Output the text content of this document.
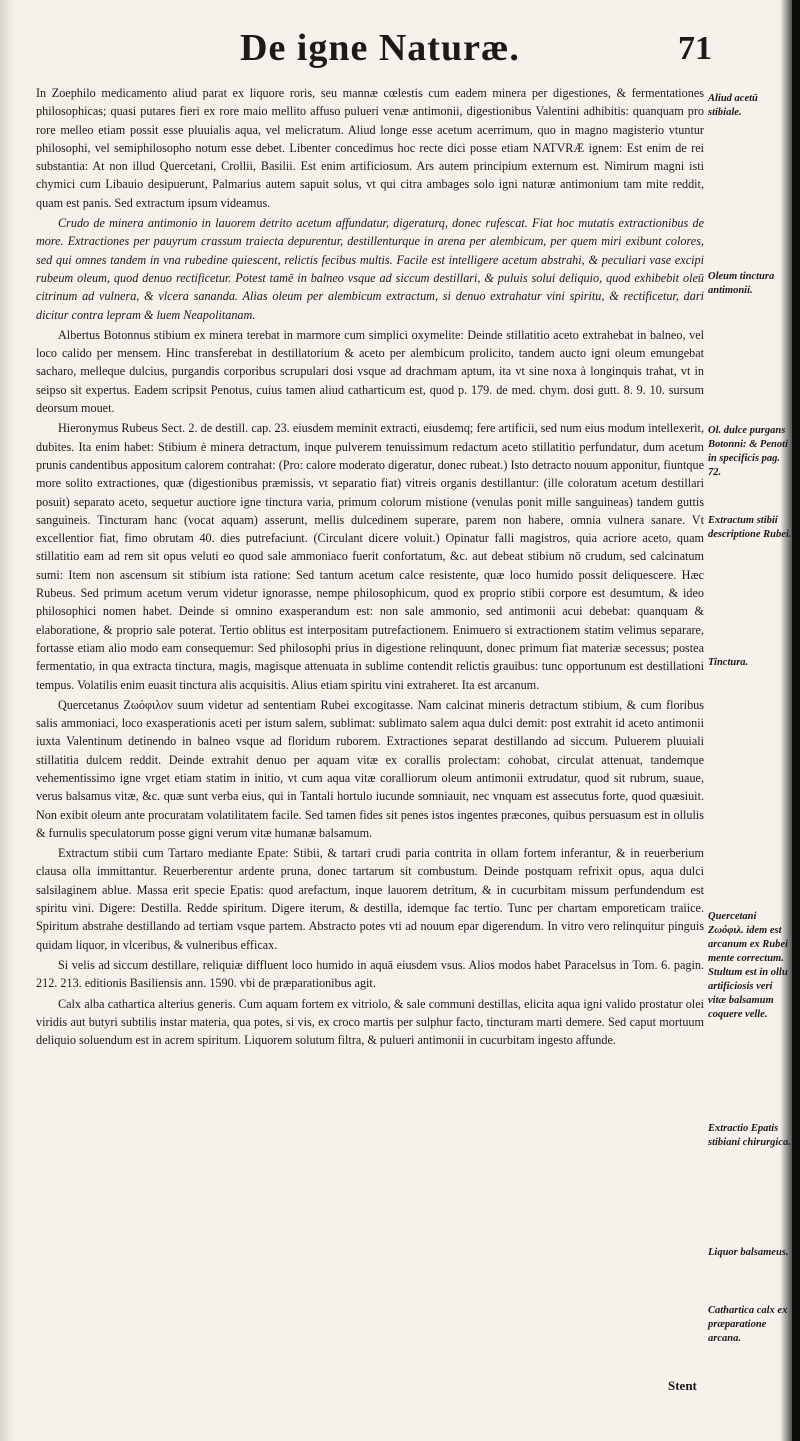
De igne Naturæ.	71

In Zoephilo medicamento aliud parat ex liquore roris, seu mannæ cœlestis cum eadem minera per digestiones, & fermentationes philosophicas; quasi putares fieri ex rore maio mellito affuso pulueri venæ antimonii, digestionibus Valentini adhibitis: quanquam pro rore melleo etiam possit esse pluuialis aqua, vel melicratum. Aliud longe esse acetum acerrimum, quo in magno magisterio vtuntur philosophi, vel semiphilosopho notum esse debet. Libenter concedimus hoc recte dici posse etiam NATVRÆ ignem: Est enim de rei substantia: At non illud Quercetani, Crollii, Basilii. Est enim artificiosum. Ars autem principium externum est. Nimirum magni isti chymici cum Libauio desipuerunt, Palmarius autem sapuit solus, vt qui citra ambages solo igni naturæ antimonium tam mite reddit, quam est panis. Sed extractum ipsum videamus.

Crudo de minera antimonio in lauorem detrito acetum affundatur, digeraturq, donec rufescat. Fiat hoc mutatis extractionibus de more. Extractiones per pauyrum crassum traiecta depurentur, destillenturque in arena per alembicum, per quem miri exibunt colores, sed qui omnes tandem in vna rubedine quiescent, relictis fecibus multis. Facile est intelligere acetum abstrahi, & peculiari vase excipi rubeum oleum, quod denuo rectificetur. Potest tamē in balneo vsque ad siccum destillari, & puluis solui deliquio, quod exhibebit oleū citrinum ad vulnera, & vlcera sananda. Alias oleum per alembicum extractum, si denuo extrahatur vini spiritu, & rectificetur, dari dicitur contra lepram & luem Neapolitanam.

Albertus Botonnus stibium ex minera terebat in marmore cum simplici oxymelite: Deinde stillatitio aceto extrahebat in balneo, vel loco calido per mensem. Hinc transferebat in destillatorium & aceto per alembicum prolicito, tandem aucto igni oleum emungebat sacharo, melleque dulcius, purgandis corporibus scrupulari dosi vsque ad drachmam aptum, ita vt sine noxa à longinquis trahat, vt in seipso sit expertus. Eadem scripsit Penotus, cuius tamen aliud catharticum est, quod p. 179. de med. chym. dosi gutt. 8. 9. 10. sursum deorsum mouet.

Hieronymus Rubeus Sect. 2. de destill. cap. 23. eiusdem meminit extracti, eiusdemq; fere artificii, sed num eius modum intellexerit, dubites. Ita enim habet: Stibium è minera detractum, inque pulverem tenuissimum redactum aceto stillatitio perfundatur, dum acetum prunis candentibus appositum calorem contrahat: (Pro: calore moderato digeratur, donec rubeat.) Isto detracto nouum apponitur, fiuntque more solito extractiones, quæ (digestionibus præmissis, vt separatio fiat) vitreis organis destillantur: (ille coloratum acetum destillari posuit) separato aceto, sequetur auctiore igne tinctura varia, primum colorum mistione (venulas ponit mille sanguineas) tandem guttis sanguineis. Tincturam hanc (vocat aquam) asserunt, mellis dulcedinem superare, parem non habere, omnia vulnera sanare. Vt excellentior fiat, fimo obrutam 40. dies putrefaciunt. (Circulant dicere voluit.) Opinatur falli magistros, quia acriore aceto, quam stillatitio eam ad rem sit opus veluti eo quod sale ammoniaco fuerit confortatum, &c. aut debeat stibium nō crudum, sed calcinatum sumi: Item non ascensum sit stibium ista ratione: Sed tantum acetum calce resistente, quæ loco humido possit deliquescere. Hæc Rubeus. Sed primum acetum verum videtur ignorasse, nempe philosophicum, quod ex proprio stibii corpore est desumtum, & ideo philosophici nomen habet. Deinde si omnino exasperandum est: non sale ammonio, sed antimonii acui debebat: quanquam & elaboratione, & proprio sale poterat. Tertio oblitus est interpositam putrefactionem. Enimuero si extractionem statim velimus separare, fortasse etiam alio modo eam consequemur: Sed philosophi prius in digestione relinquunt, donec primum fiat materiæ secessus; postea fermentatio, in qua extracta tinctura, magis, magisque attenuata in sublime contendit relictis grauibus: tunc opportunum est destillationi tempus. Volatilis enim euasit tinctura alis acquisitis. Alius etiam spiritu vini extraheret. Ita est arcanum.

Quercetanus Ζωόφιλον suum videtur ad sententiam Rubei excogitasse. Nam calcinat mineris detractum stibium, & cum floribus salis ammoniaci, loco exasperationis aceti per istum salem, sublimat: sublimato salem aqua dulci demit: post extrahit id aceto antimonii iuxta Valentinum detinendo in balneo vsque ad floridum ruborem. Extractiones separat destillando ad siccum. Puluerem pluuiali stillatitia dulcem reddit. Deinde extrahit denuo per aquam vitæ ex corallis prolectam: cohobat, circulat attenuat, tandemque vehementissimo igne vrget etiam statim in initio, vt cum aqua vitæ coralliorum oleum antimonii extrudatur, quod sit rubrum, suaue, verus balsamus vitæ, &c. quæ sunt verba eius, qui in Tantali hortulo iucunde somniauit, nec vnquam est assecutus forte, quod quæsiuit. Non exibit oleum ante procuratam volatilitatem facile. Sed tamen fides sit penes istos ingentes præcones, quibus persuasum est in ollulis & furnulis speculatorum posse gigni verum vitæ humanæ balsamum.

Extractum stibii cum Tartaro mediante Epate: Stibii, & tartari crudi paria contrita in ollam fortem inferantur, & in reuerberium clausa olla immittantur. Reuerberentur ardente pruna, donec tartarum sit combustum. Deinde postquam refrixit opus, aqua dulci salsilaginem ablue. Massa erit specie Epatis: quod arefactum, inque lauorem detritum, & in cucurbitam missum perfundendum est spiritu vini. Digere: Destilla. Redde spiritum. Digere iterum, & destilla, idemque fac tertio. Tunc per chartam emporeticam traiice. Spiritum abstrahe destillando ad tertiam vsque partem. Abstracto potes vti ad nouum epar digerendum. In vitro vero relinquitur pinguis quidam liquor, in vlceribus, & vulneribus efficax.

Si velis ad siccum destillare, reliquiæ diffluent loco humido in aquā eiusdem vsus. Alios modos habet Paracelsus in Tom. 6. pagin. 212. 213. editionis Basiliensis ann. 1590. vbi de præparationibus agit.

Calx alba cathartica alterius generis. Cum aquam fortem ex vitriolo, & sale communi destillas, elicita aqua igni valido prostatur olei viridis aut butyri subtilis instar materia, qua potes, si vis, ex croco martis per sulphur facto, tincturam marti demere. Sed caput mortuum deliquio soluendum est in acrem spiritum. Liquorem solutum filtra, & pulueri antimonii in cucurbitam ingesto affunde.

Aliud acetū stibiale.
Oleum tinctura antimonii.
Ol. dulce purgans Botonni: & Penoti in specificis pag. 72.
Extractum stibii descriptione Rubei.
Tinctura.
Quercetani Ζωόφιλ. idem est arcanum ex Rubei mente correctum. Stultum est in ollu artificiosis veri vitæ balsamum coquere velle.
Extractio Epatis stibiani chirurgica.
Liquor balsameus.
Cathartica calx ex præparatione arcana.
Stent
